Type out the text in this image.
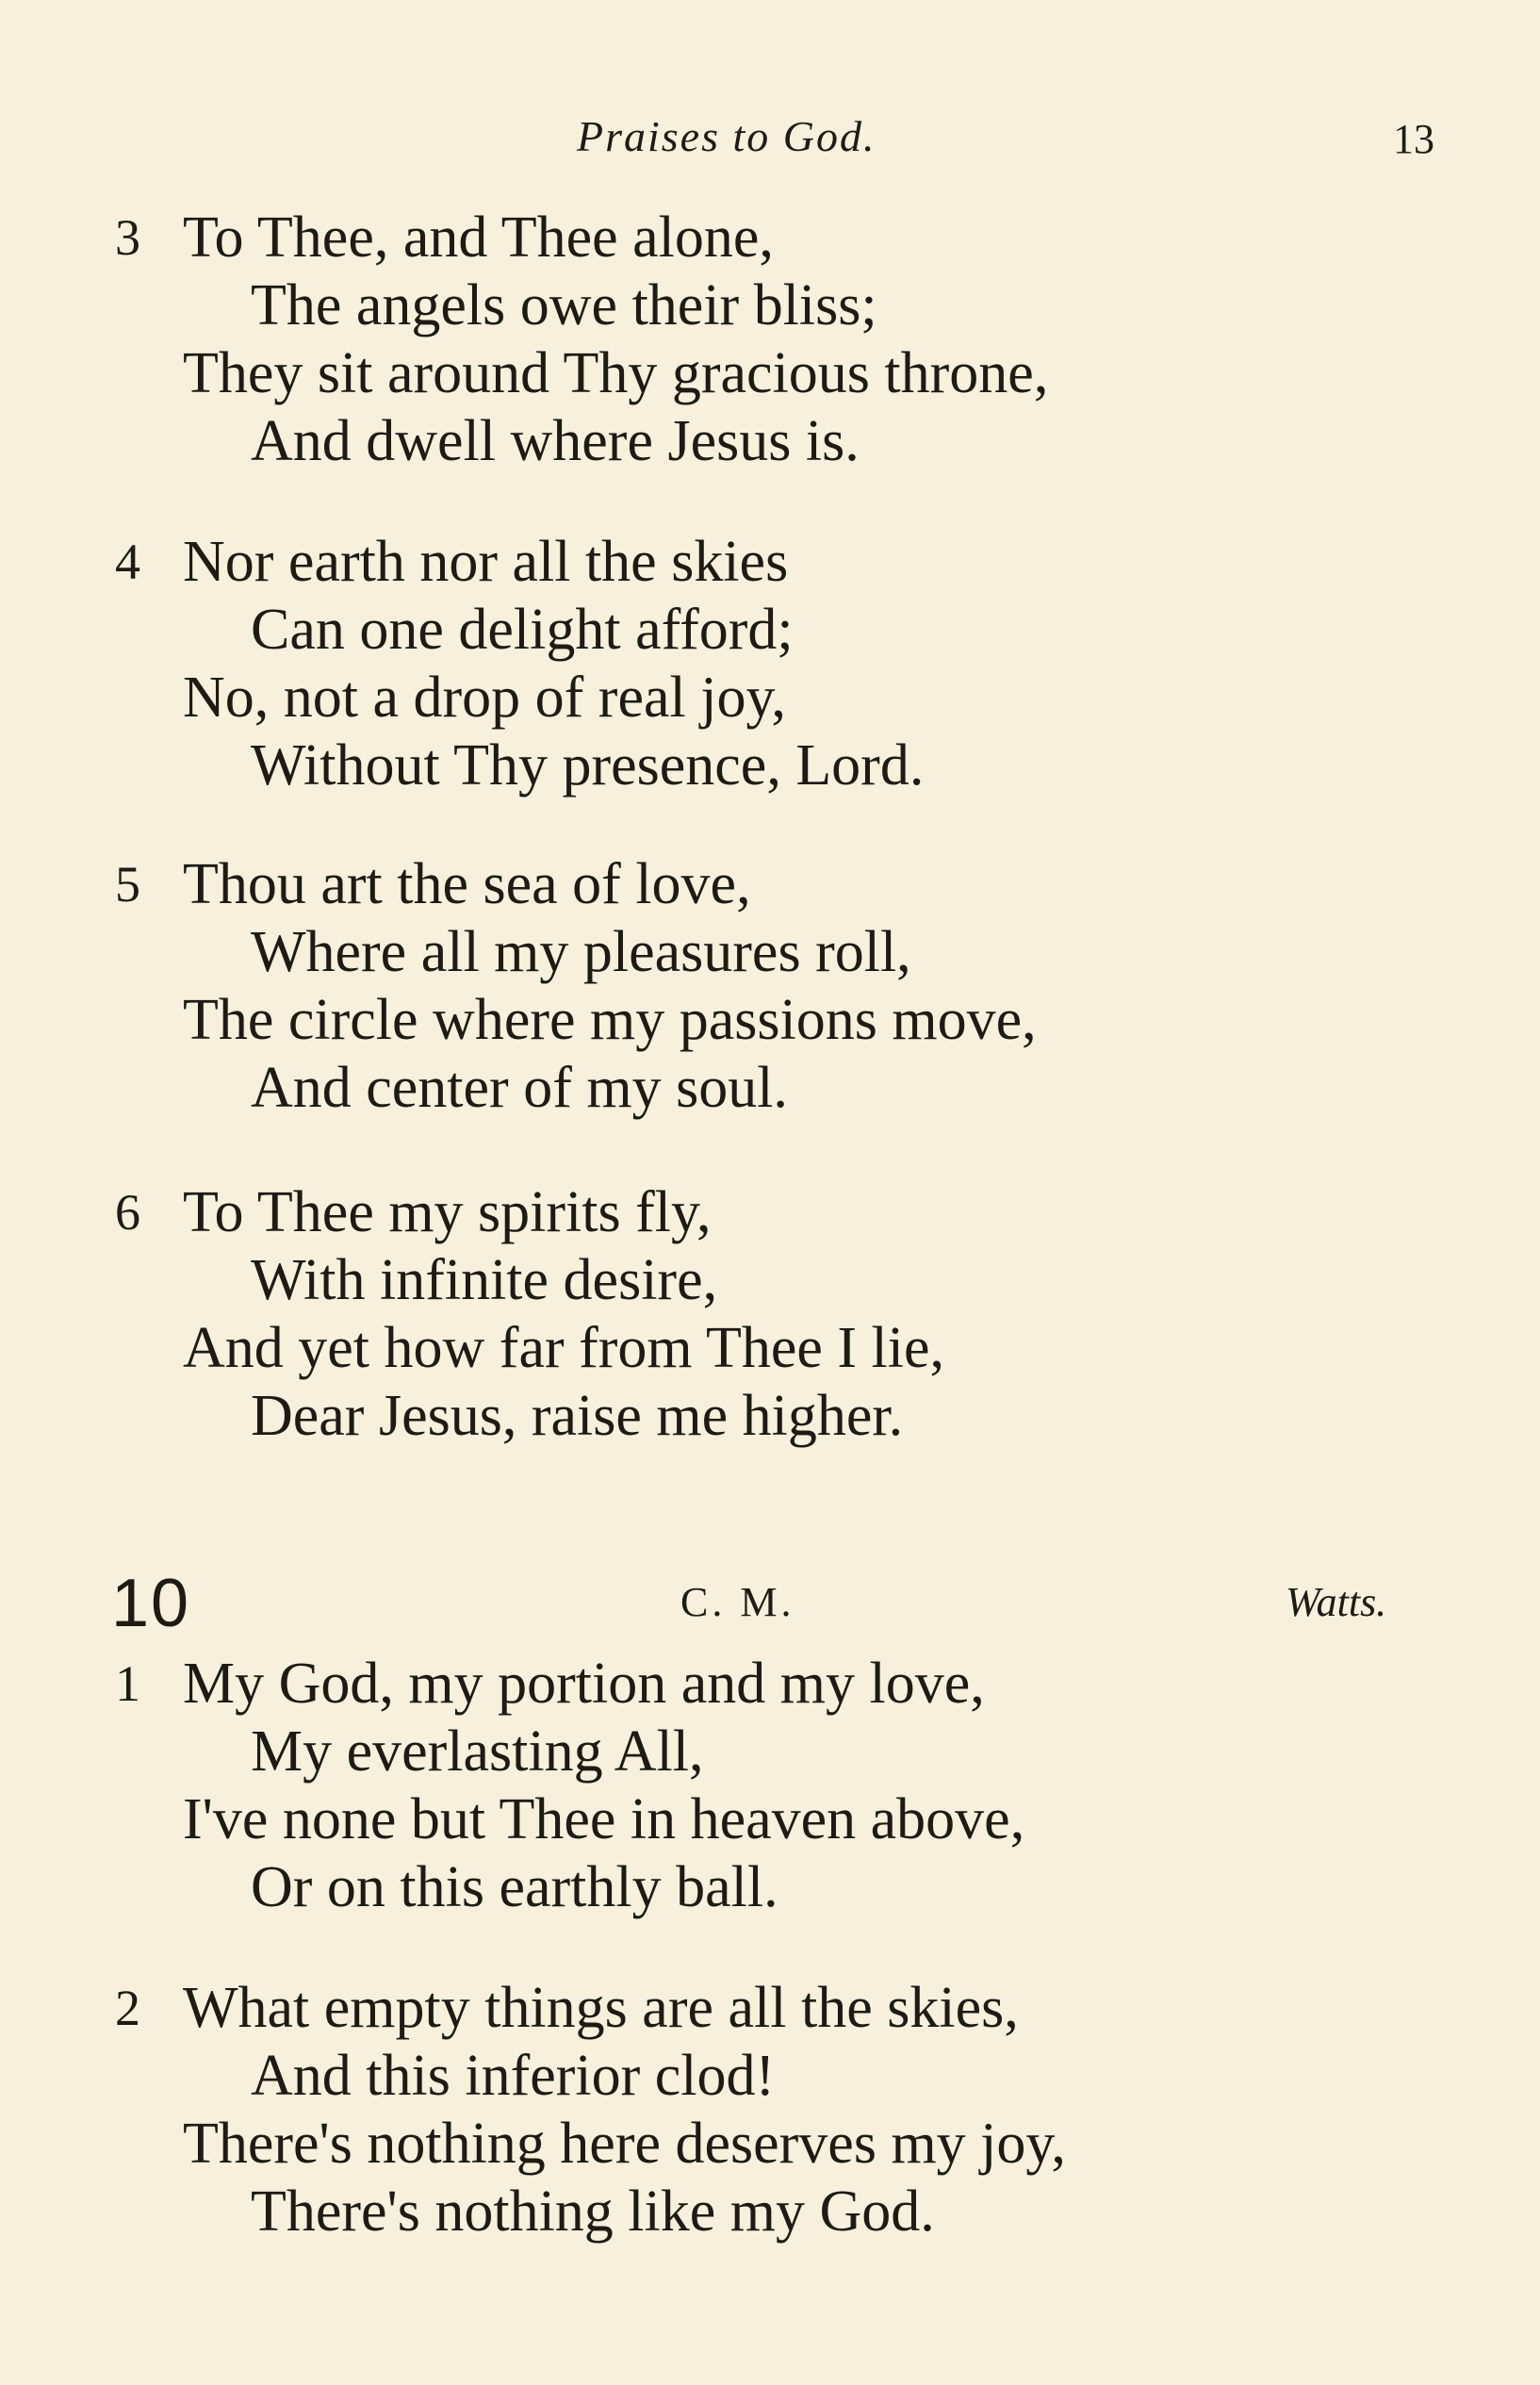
Praises to God.	13
3 To Thee, and Thee alone,
The angels owe their bliss;
They sit around Thy gracious throne,
And dwell where Jesus is.
4 Nor earth nor all the skies
Can one delight afford;
No, not a drop of real joy,
Without Thy presence, Lord.
5 Thou art the sea of love,
Where all my pleasures roll,
The circle where my passions move,
And center of my soul.
6 To Thee my spirits fly,
With infinite desire,
And yet how far from Thee I lie,
Dear Jesus, raise me higher.
10	C. M.	Watts.
1 My God, my portion and my love,
My everlasting All,
I've none but Thee in heaven above,
Or on this earthly ball.
2 What empty things are all the skies,
And this inferior clod!
There's nothing here deserves my joy,
There's nothing like my God.
